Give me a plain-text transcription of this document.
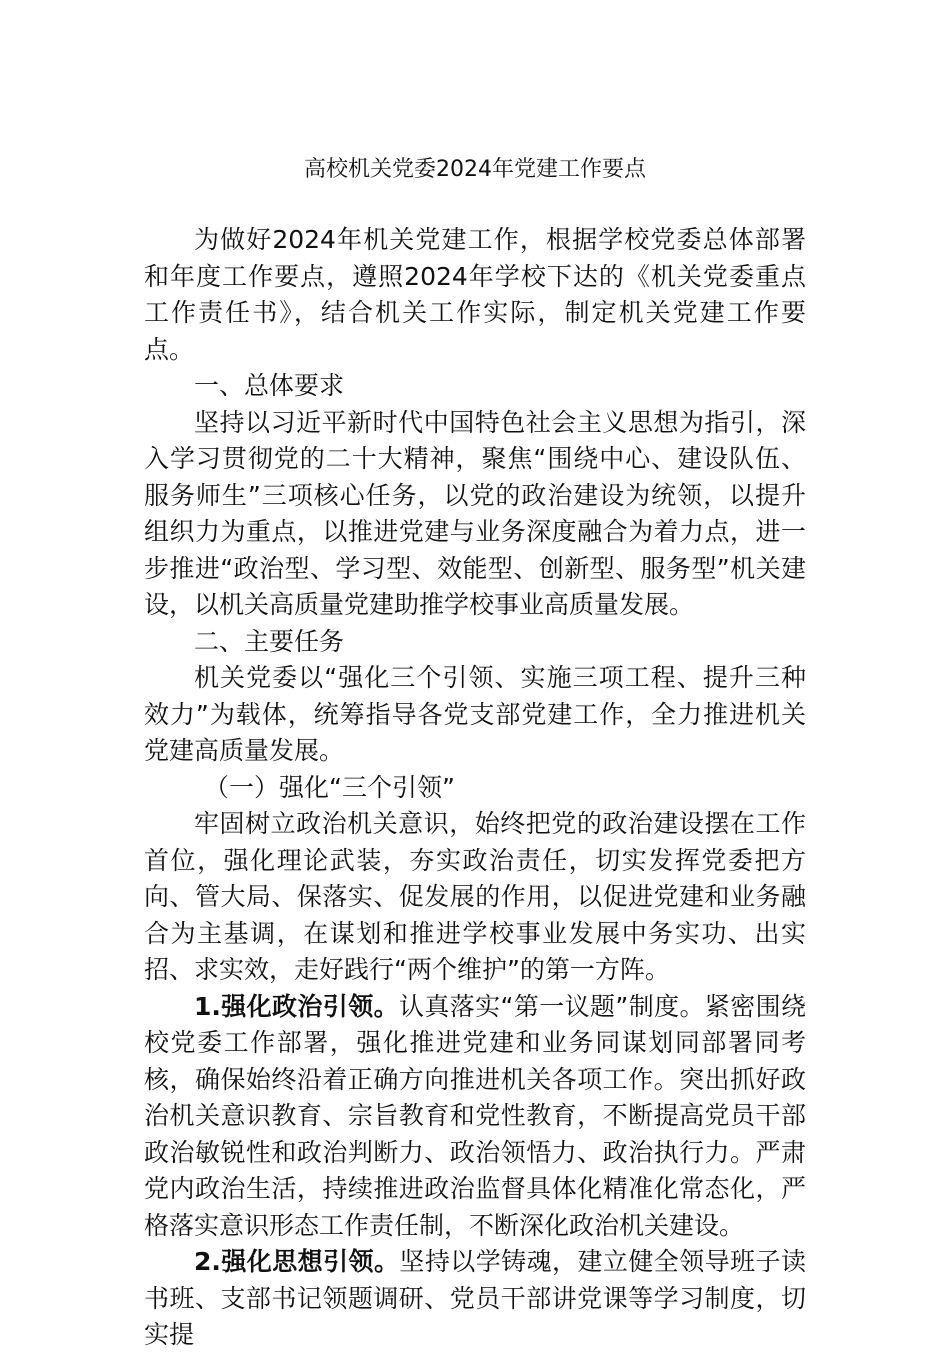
高校机关党委2024年党建工作要点

为做好2024年机关党建工作，根据学校党委总体部署和年度工作要点，遵照2024年学校下达的《机关党委重点工作责任书》，结合机关工作实际，制定机关党建工作要点。

一、总体要求

坚持以习近平新时代中国特色社会主义思想为指引，深入学习贯彻党的二十大精神，聚焦“围绕中心、建设队伍、服务师生”三项核心任务，以党的政治建设为统领，以提升组织力为重点，以推进党建与业务深度融合为着力点，进一步推进“政治型、学习型、效能型、创新型、服务型”机关建设，以机关高质量党建助推学校事业高质量发展。

二、主要任务

机关党委以“强化三个引领、实施三项工程、提升三种效力”为载体，统筹指导各党支部党建工作，全力推进机关党建高质量发展。

（一）强化“三个引领”

牢固树立政治机关意识，始终把党的政治建设摆在工作首位，强化理论武装，夯实政治责任，切实发挥党委把方向、管大局、保落实、促发展的作用，以促进党建和业务融合为主基调，在谋划和推进学校事业发展中务实功、出实招、求实效，走好践行“两个维护”的第一方阵。

1.强化政治引领。认真落实“第一议题”制度。紧密围绕校党委工作部署，强化推进党建和业务同谋划同部署同考核，确保始终沿着正确方向推进机关各项工作。突出抓好政治机关意识教育、宗旨教育和党性教育，不断提高党员干部政治敏锐性和政治判断力、政治领悟力、政治执行力。严肃党内政治生活，持续推进政治监督具体化精准化常态化，严格落实意识形态工作责任制，不断深化政治机关建设。

2.强化思想引领。坚持以学铸魂，建立健全领导班子读书班、支部书记领题调研、党员干部讲党课等学习制度，切实提
